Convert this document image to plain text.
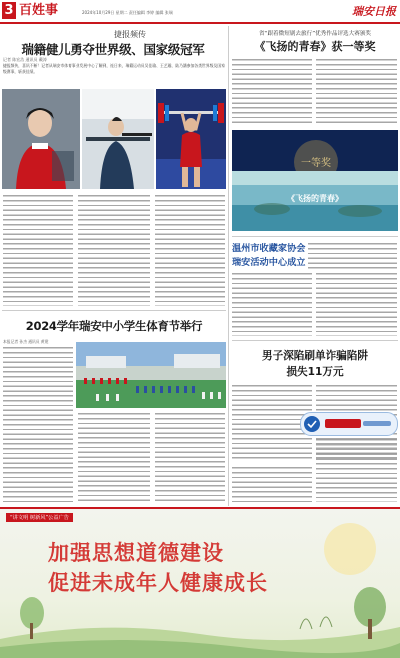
3 百姓事	2024年10月29日 星期二 责任编辑 李婷 编辑 张瑞	瑞安日报
捷报频传
瑞籍健儿勇夺世界级、国家级冠军
记者 陈宏浩 通讯员 戴涛
捷报频传，喜讯不断！记者从瑞安市体育事业发展中心了解到，连日来，瑞籍运动员吴佳瑜、王艺璇、陆乃涵参加各类世界级及国家级赛事，斩获佳绩。
2024学年瑞安中小学生体育节举行
本报记者 孙杰 通讯员 黄建
省“跟着微短剧去旅行”优秀作品评选大赛颁奖
《飞扬的青春》获一等奖
一等奖
《飞扬的青春》
温州市收藏家协会
瑞安活动中心成立
男子深陷刷单诈骗陷阱
损失11万元
“讲文明 树新风”公益广告
加强思想道德建设
促进未成年人健康成长
